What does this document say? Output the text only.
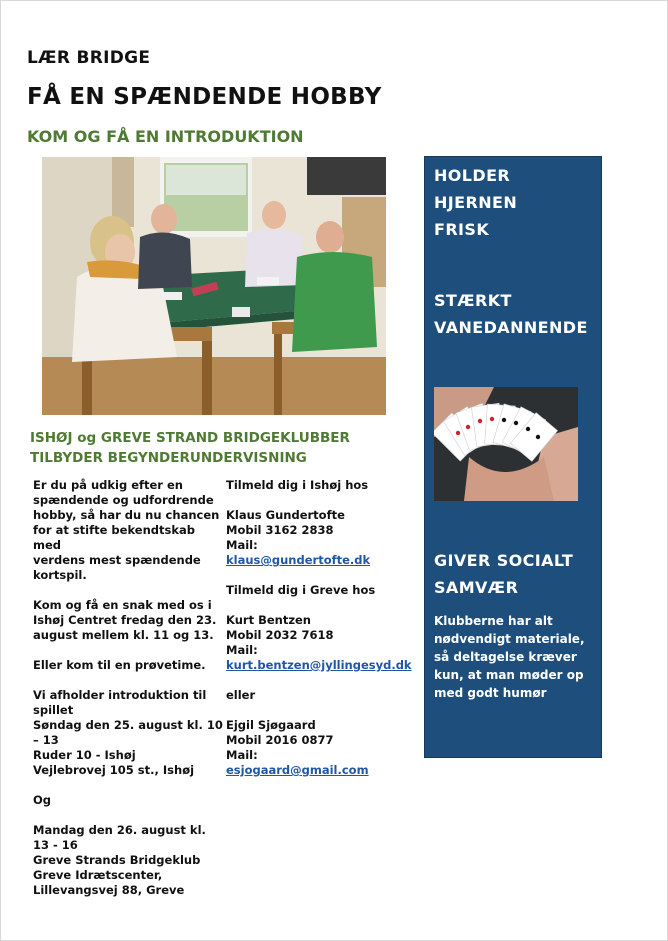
LÆR BRIDGE
FÅ EN SPÆNDENDE HOBBY
KOM OG FÅ EN INTRODUKTION
ISHØJ og GREVE STRAND BRIDGEKLUBBER
TILBYDER BEGYNDERUNDERVISNING

Er du på udkig efter en

spændende og udfordrende

hobby, så har du nu chancen

for at stifte bekendtskab med

verdens mest spændende

kortspil.

Kom og få en snak med os i

Ishøj Centret fredag den 23.

august mellem kl. 11 og 13.

Eller kom til en prøvetime.

Vi afholder introduktion til

spillet

Søndag den 25. august kl. 10 – 13

Ruder 10 - Ishøj

Vejlebrovej 105 st., Ishøj

Og

Mandag den 26. august kl. 13 - 16

Greve Strands Bridgeklub

Greve Idrætscenter,

Lillevangsvej 88, Greve

Tilmeld dig i Ishøj hos

Klaus Gundertofte

Mobil 3162 2838

Mail:

klaus@gundertofte.dk

Tilmeld dig i Greve hos

Kurt Bentzen

Mobil 2032 7618

Mail:

kurt.bentzen@jyllingesyd.dk

eller

Ejgil Sjøgaard

Mobil 2016 0877

Mail:

esjogaard@gmail.com

HOLDER
HJERNEN
FRISK
STÆRKT
VANEDANNENDE
GIVER SOCIALT
SAMVÆR
Klubberne har alt
nødvendigt materiale,
så deltagelse kræver
kun, at man møder op
med godt humør
